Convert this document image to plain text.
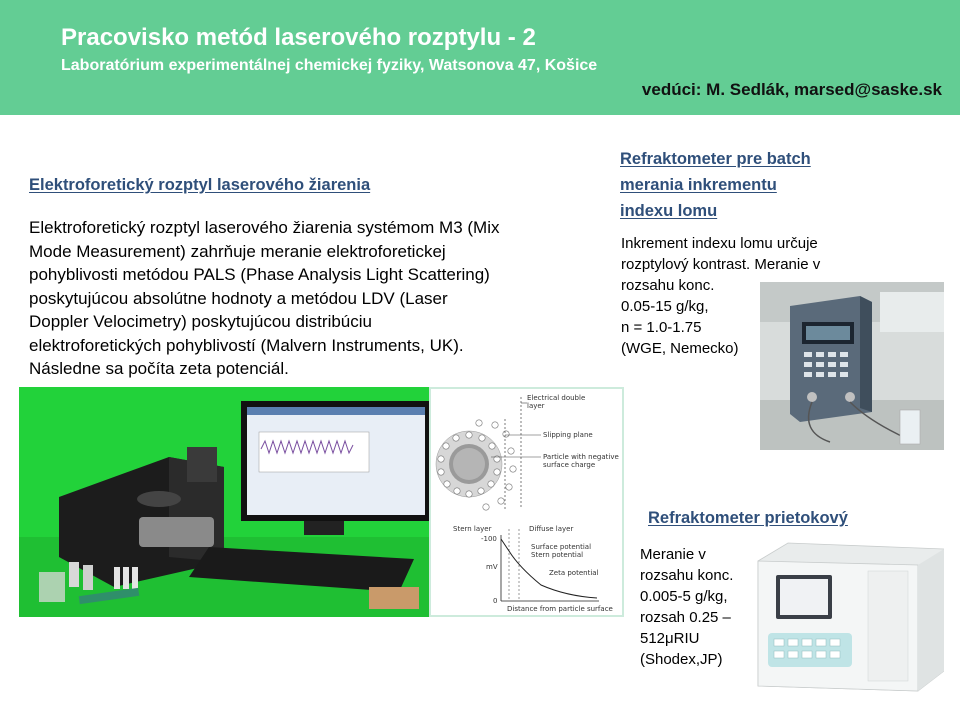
Pracovisko metód laserového rozptylu - 2
Laboratórium experimentálnej chemickej fyziky, Watsonova 47, Košice
vedúci: M. Sedlák, marsed@saske.sk
Elektroforetický rozptyl laserového žiarenia
Elektroforetický rozptyl laserového žiarenia systémom M3 (Mix
Mode Measurement) zahrňuje meranie elektroforetickej
pohyblivosti metódou PALS (Phase Analysis Light Scattering)
poskytujúcou absolútne hodnoty a metódou LDV (Laser
Doppler Velocimetry) poskytujúcou distribúciu
elektroforetických pohyblivostí (Malvern Instruments, UK).
Následne sa počíta zeta potenciál.
Electrical double layer
Slipping plane
Particle with negative surface charge
Stern layer	Diffuse layer
-100
mV
0
Surface potential
Stern potential
Zeta potential
Distance from particle surface
Refraktometer pre batch
merania inkrementu
indexu lomu
Inkrement indexu lomu určuje
rozptylový kontrast. Meranie v
rozsahu konc.
0.05-15 g/kg,
n = 1.0-1.75
(WGE, Nemecko)
Refraktometer prietokový
Meranie v
rozsahu konc.
0.005-5 g/kg,
rozsah 0.25 –
512μRIU
(Shodex,JP)
